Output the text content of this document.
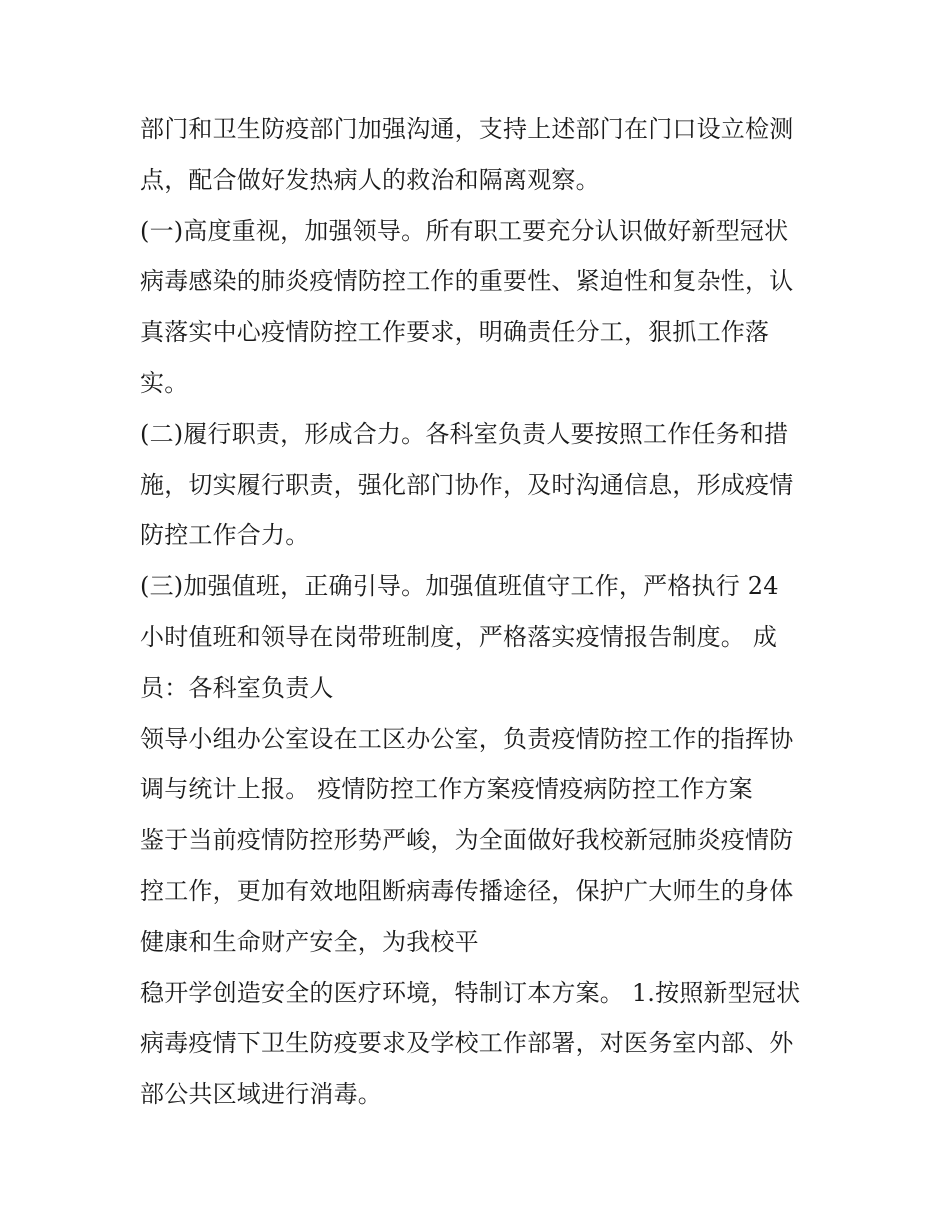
部门和卫生防疫部门加强沟通，支持上述部门在门口设立检测
点，配合做好发热病人的救治和隔离观察。
(一)高度重视，加强领导。所有职工要充分认识做好新型冠状
病毒感染的肺炎疫情防控工作的重要性、紧迫性和复杂性，认
真落实中心疫情防控工作要求，明确责任分工，狠抓工作落
实。
(二)履行职责，形成合力。各科室负责人要按照工作任务和措
施，切实履行职责，强化部门协作，及时沟通信息，形成疫情
防控工作合力。
(三)加强值班，正确引导。加强值班值守工作，严格执行 24
小时值班和领导在岗带班制度，严格落实疫情报告制度。 成
员：各科室负责人
领导小组办公室设在工区办公室，负责疫情防控工作的指挥协
调与统计上报。 疫情防控工作方案疫情疫病防控工作方案
鉴于当前疫情防控形势严峻，为全面做好我校新冠肺炎疫情防
控工作，更加有效地阻断病毒传播途径，保护广大师生的身体
健康和生命财产安全，为我校平
稳开学创造安全的医疗环境，特制订本方案。 1.按照新型冠状
病毒疫情下卫生防疫要求及学校工作部署，对医务室内部、外
部公共区域进行消毒。
